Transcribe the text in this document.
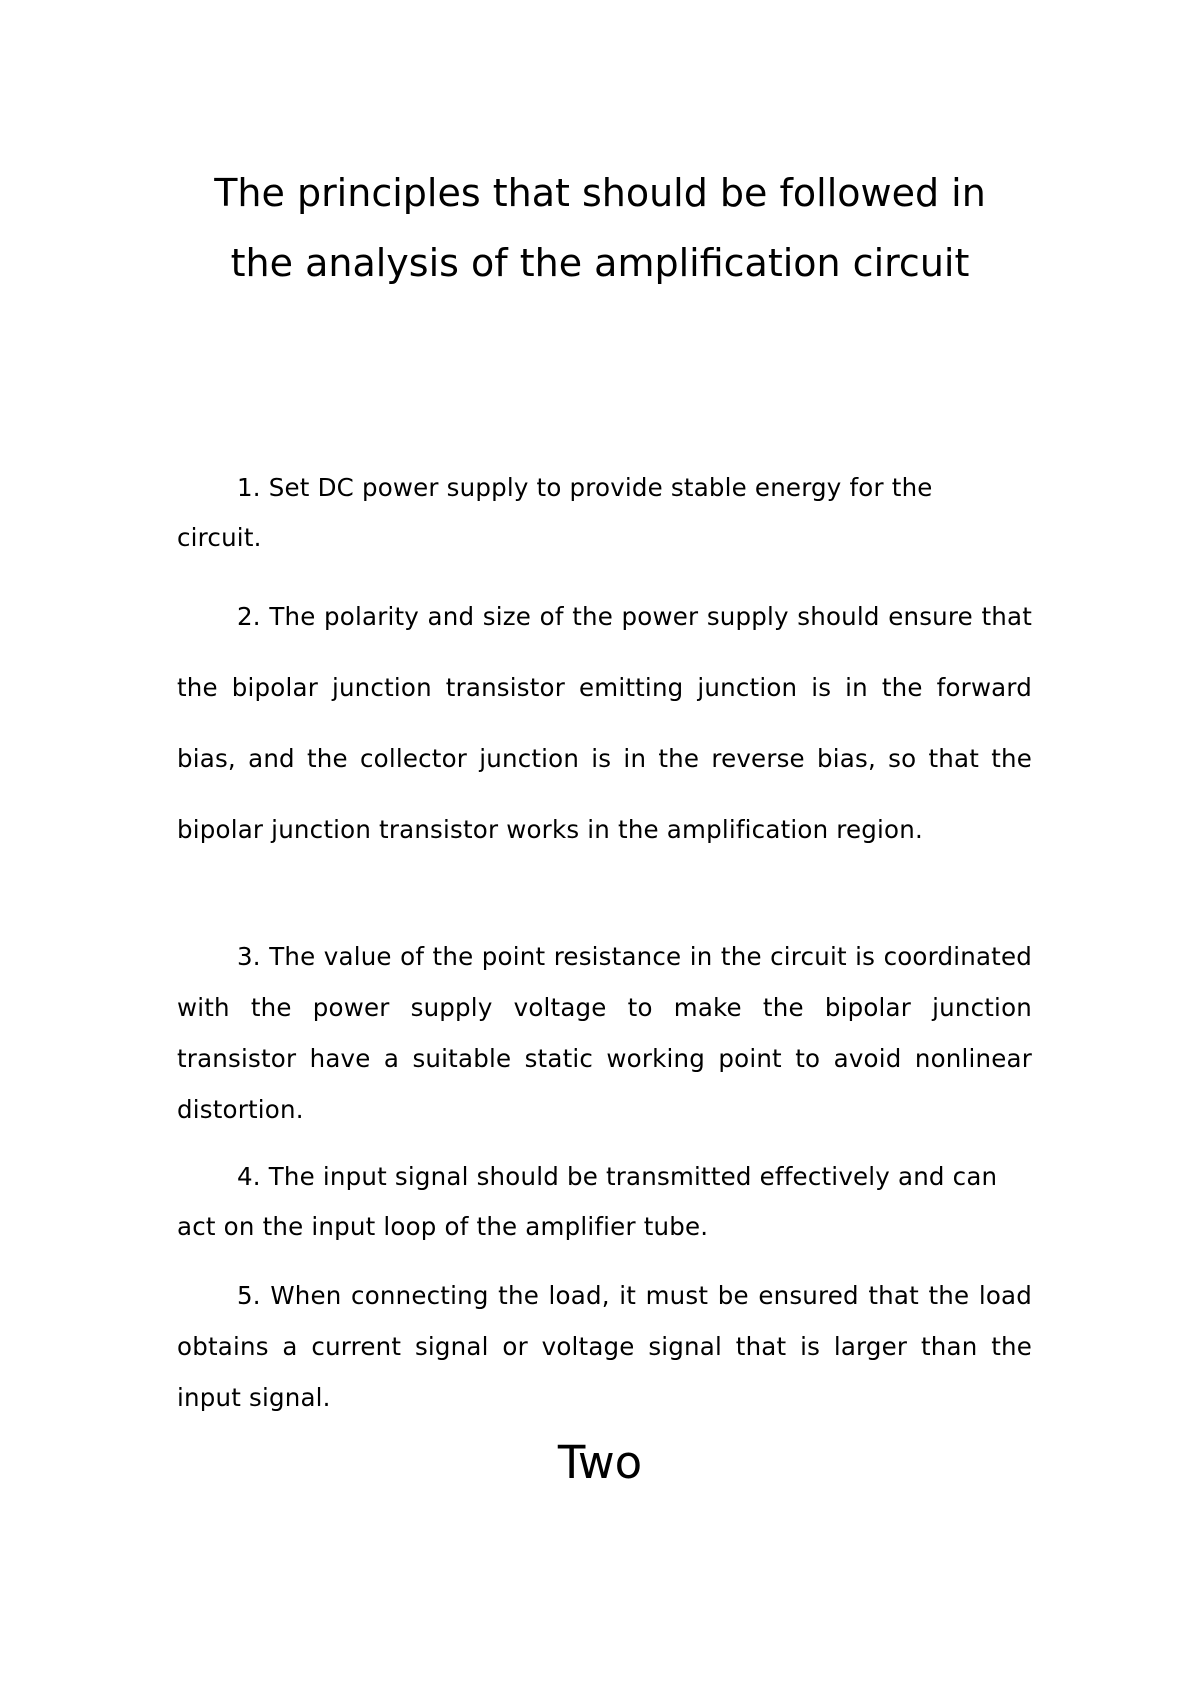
The principles that should be followed in
the analysis of the amplification circuit

1. Set DC power supply to provide stable energy for the circuit.

2. The polarity and size of the power supply should ensure that the bipolar junction transistor emitting junction is in the forward bias, and the collector junction is in the reverse bias, so that the bipolar junction transistor works in the amplification region.

3. The value of the point resistance in the circuit is coordinated with the power supply voltage to make the bipolar junction transistor have a suitable static working point to avoid nonlinear distortion.

4. The input signal should be transmitted effectively and can act on the input loop of the amplifier tube.

5. When connecting the load, it must be ensured that the load obtains a current signal or voltage signal that is larger than the input signal.

Two
